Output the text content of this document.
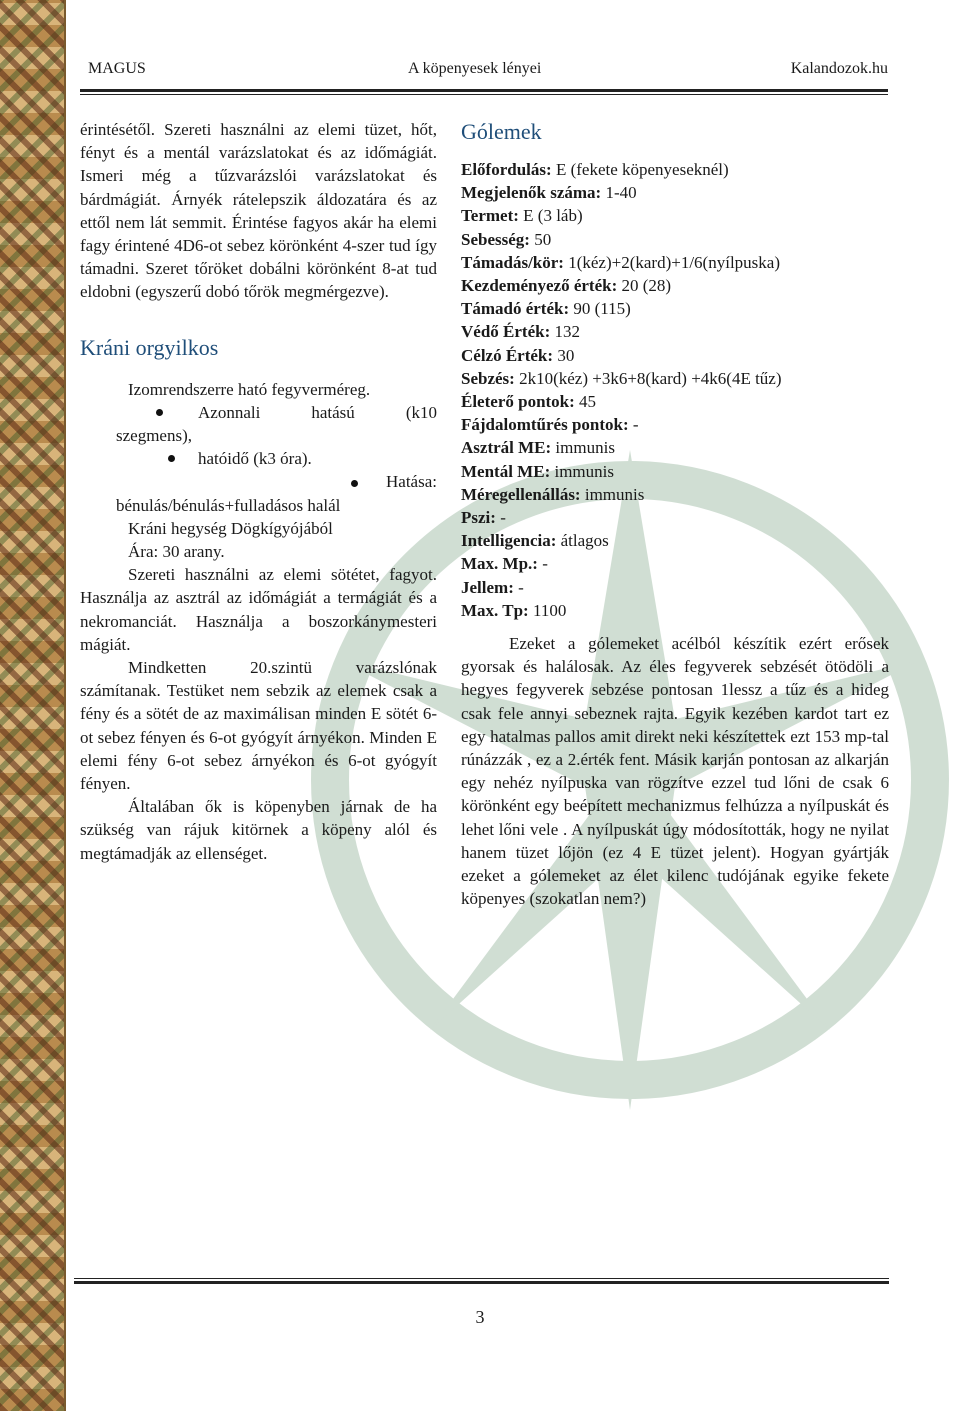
MAGUS	A köpenyesek lényei	Kalandozok.hu

érintésétől. Szereti használni az elemi tüzet, hőt, fényt és a mentál varázslatokat és az időmágiát. Ismeri még a tűzvarázslói varázslatokat és bárdmágiát. Árnyék rátelepszik áldozatára és az ettől nem lát semmit. Érintése fagyos akár ha elemi fagy érintené 4D6-ot sebez körönként 4-szer tud így támadni. Szeret tőröket dobálni körönként 8-at tud eldobni (egyszerű dobó tőrök megmérgezve).

Kráni orgyilkos

Izomrendszerre ható fegyverméreg.

Azonnali	hatású	(k10

szegmens),

hatóidő (k3 óra).
Hatása:

bénulás/bénulás+fulladásos halál

Kráni hegység Dögkígyójából

Ára: 30 arany.

Szereti használni az elemi sötétet, fagyot. Használja az asztrál az időmágiát a termágiát és a nekromanciát. Használja a boszorkánymesteri mágiát.

Mindketten 20.szintü varázslónak számítanak. Testüket nem sebzik az elemek csak a fény és a sötét de az maximálisan minden E sötét 6-ot sebez fényen és 6-ot gyógyít árnyékon. Minden E elemi fény 6-ot sebez árnyékon és 6-ot gyógyít fényen.

Általában ők is köpenyben járnak de ha szükség van rájuk kitörnek a köpeny alól és megtámadják az ellenséget.

Gólemek

Előfordulás: E (fekete köpenyeseknél)

Megjelenők száma: 1-40

Termet: E (3 láb)

Sebesség: 50

Támadás/kör: 1(kéz)+2(kard)+1/6(nyílpuska)

Kezdeményező érték: 20 (28)

Támadó érték: 90 (115)

Védő Érték: 132

Célzó Érték: 30

Sebzés: 2k10(kéz) +3k6+8(kard) +4k6(4E tűz)

Életerő pontok: 45

Fájdalomtűrés pontok: -

Asztrál ME: immunis

Mentál ME: immunis

Méregellenállás: immunis

Pszi: -

Intelligencia: átlagos

Max. Mp.: -

Jellem: -

Max. Tp: 1100

Ezeket a gólemeket acélból készítik ezért erősek gyorsak és halálosak. Az éles fegyverek sebzését ötödöli a hegyes fegyverek sebzése pontosan 1lessz a tűz és a hideg csak fele annyi sebeznek rajta. Egyik kezében kardot tart ez egy hatalmas pallos amit direkt neki készítettek ezt 153 mp-tal rúnázzák , ez a 2.érték fent. Másik karján pontosan az alkarján egy nehéz nyílpuska van rögzítve ezzel tud lőni de csak 6 körönként egy beépített mechanizmus felhúzza a nyílpuskát és lehet lőni vele . A nyílpuskát úgy módosították, hogy ne nyilat hanem tüzet lőjön (ez 4 E tüzet jelent). Hogyan gyártják ezeket a gólemeket az élet kilenc tudójának egyike fekete köpenyes (szokatlan nem?)

3
